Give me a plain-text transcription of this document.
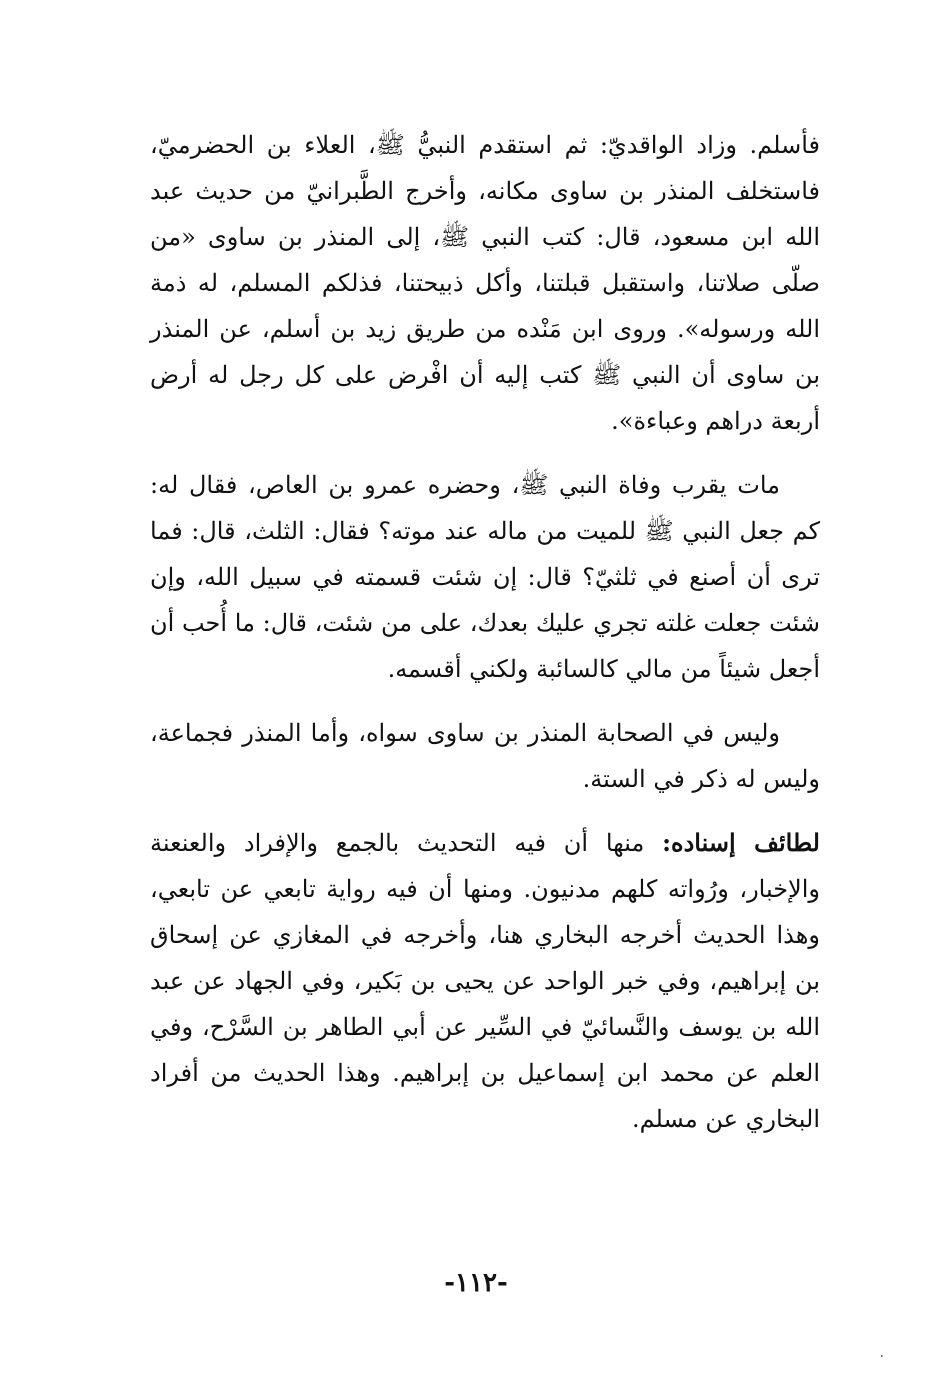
فأسلم. وزاد الواقديّ: ثم استقدم النبيُّ ﷺ، العلاء بن الحضرميّ، فاستخلف المنذر بن ساوى مكانه، وأخرج الطَّبرانيّ من حديث عبد الله ابن مسعود، قال: كتب النبي ﷺ، إلى المنذر بن ساوى «من صلّى صلاتنا، واستقبل قبلتنا، وأكل ذبيحتنا، فذلكم المسلم، له ذمة الله ورسوله». وروى ابن مَنْده من طريق زيد بن أسلم، عن المنذر بن ساوى أن النبي ﷺ كتب إليه أن افْرض على كل رجل له أرض أربعة دراهم وعباءة».

مات يقرب وفاة النبي ﷺ، وحضره عمرو بن العاص، فقال له: كم جعل النبي ﷺ للميت من ماله عند موته؟ فقال: الثلث، قال: فما ترى أن أصنع في ثلثيّ؟ قال: إن شئت قسمته في سبيل الله، وإن شئت جعلت غلته تجري عليك بعدك، على من شئت، قال: ما أُحب أن أجعل شيئاً من مالي كالسائبة ولكني أقسمه.

وليس في الصحابة المنذر بن ساوى سواه، وأما المنذر فجماعة، وليس له ذكر في الستة.

لطائف إسناده: منها أن فيه التحديث بالجمع والإفراد والعنعنة والإخبار، ورُواته كلهم مدنيون. ومنها أن فيه رواية تابعي عن تابعي، وهذا الحديث أخرجه البخاري هنا، وأخرجه في المغازي عن إسحاق بن إبراهيم، وفي خبر الواحد عن يحيى بن بَكير، وفي الجهاد عن عبد الله بن يوسف والنَّسائيّ في السِّير عن أبي الطاهر بن السَّرْح، وفي العلم عن محمد ابن إسماعيل بن إبراهيم. وهذا الحديث من أفراد البخاري عن مسلم.

-١١٢-
٠
